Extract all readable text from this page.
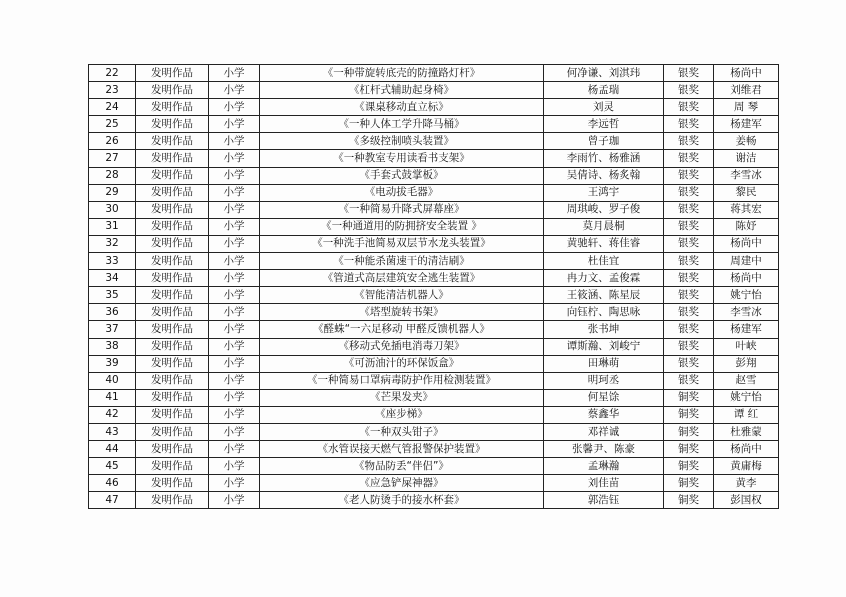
22	发明作品	小学	《一种带旋转底壳的防撞路灯杆》	何净谦、刘淇玮	银奖	杨尚中
23	发明作品	小学	《杠杆式辅助起身椅》	杨孟瑞	银奖	刘维君
24	发明作品	小学	《课桌移动直立标》	刘灵	银奖	周 琴
25	发明作品	小学	《一种人体工学升降马桶》	李远哲	银奖	杨建军
26	发明作品	小学	《多级控制喷头装置》	曾子珈	银奖	姜畅
27	发明作品	小学	《一种教室专用读看书支架》	李雨竹、杨雅涵	银奖	谢洁
28	发明作品	小学	《手套式鼓掌板》	吴倩诗、杨炙翰	银奖	李雪冰
29	发明作品	小学	《电动拔毛器》	王鸿宇	银奖	黎民
30	发明作品	小学	《一种简易升降式屏幕座》	周琪峻、罗子俊	银奖	蒋其宏
31	发明作品	小学	《一种通道用的防拥挤安全装置 》	莫月晨桐	银奖	陈妤
32	发明作品	小学	《一种洗手池简易双层节水龙头装置》	黄驰轩、蒋佳睿	银奖	杨尚中
33	发明作品	小学	《一种能杀菌速干的清洁刷》	杜佳宜	银奖	周建中
34	发明作品	小学	《管道式高层建筑安全逃生装置》	冉力文、孟俊霖	银奖	杨尚中
35	发明作品	小学	《智能清洁机器人》	王筱涵、陈星辰	银奖	姚宁怡
36	发明作品	小学	《塔型旋转书架》	向钰柠、陶思咏	银奖	李雪冰
37	发明作品	小学	《醛蛛“一六足移动 甲醛反馈机器人》	张书坤	银奖	杨建军
38	发明作品	小学	《移动式免插电消毒刀架》	谭斯瀚、刘峻宁	银奖	叶峡
39	发明作品	小学	《可沥油汁的环保饭盒》	田琳萌	银奖	彭翔
40	发明作品	小学	《一种简易口罩病毒防护作用检测装置》	明珂丞	银奖	赵雪
41	发明作品	小学	《芒果发夹》	何星馀	铜奖	姚宁怡
42	发明作品	小学	《座步梯》	蔡鑫华	铜奖	谭 红
43	发明作品	小学	《一种双头钳子》	邓祥诚	铜奖	杜雅蒙
44	发明作品	小学	《水管误接天燃气管报警保护装置》	张馨尹、陈豪	铜奖	杨尚中
45	发明作品	小学	《物品防丢“伴侣”》	孟琳瀚	铜奖	黄庸梅
46	发明作品	小学	《应急铲屎神器》	刘佳苗	铜奖	黄李
47	发明作品	小学	《老人防烫手的接水杯套》	郭浩钰	铜奖	彭国权
